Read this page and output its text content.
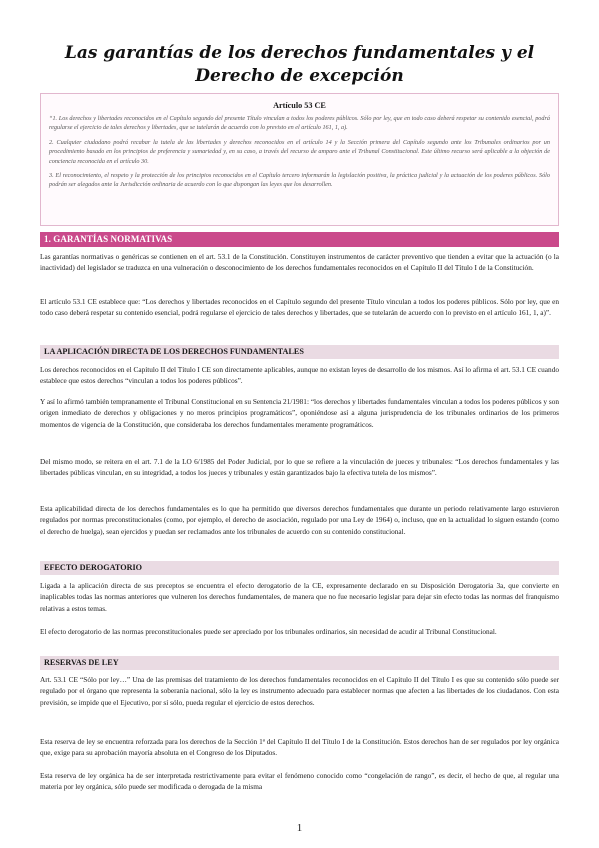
Las garantías de los derechos fundamentales y el Derecho de excepción
Artículo 53 CE

“1. Los derechos y libertades reconocidos en el Capítulo segundo del presente Título vinculan a todos los poderes públicos. Sólo por ley, que en todo caso deberá respetar su contenido esencial, podrá regularse el ejercicio de tales derechos y libertades, que se tutelarán de acuerdo con lo previsto en el artículo 161, 1, a).

2. Cualquier ciudadano podrá recabar la tutela de las libertades y derechos reconocidos en el artículo 14 y la Sección primera del Capítulo segundo ante los Tribunales ordinarios por un procedimiento basado en los principios de preferencia y sumariedad y, en su caso, a través del recurso de amparo ante el Tribunal Constitucional. Este último recurso será aplicable a la objeción de conciencia reconocida en el artículo 30.

3. El reconocimiento, el respeto y la protección de los principios reconocidos en el Capítulo tercero informarán la legislación positiva, la práctica judicial y la actuación de los poderes públicos. Sólo podrán ser alegados ante la Jurisdicción ordinaria de acuerdo con lo que dispongan las leyes que los desarrollen.

1. GARANTÍAS NORMATIVAS

Las garantías normativas o genéricas se contienen en el art. 53.1 de la Constitución. Constituyen instrumentos de carácter preventivo que tienden a evitar que la actuación (o la inactividad) del legislador se traduzca en una vulneración o desconocimiento de los derechos fundamentales reconocidos en el Capítulo II del Título I de la Constitución.

El artículo 53.1 CE establece que: “Los derechos y libertades reconocidos en el Capítulo segundo del presente Título vinculan a todos los poderes públicos. Sólo por ley, que en todo caso deberá respetar su contenido esencial, podrá regularse el ejercicio de tales derechos y libertades, que se tutelarán de acuerdo con lo previsto en el artículo 161, 1, a)”.

LA APLICACIÓN DIRECTA DE LOS DERECHOS FUNDAMENTALES

Los derechos reconocidos en el Capítulo II del Título I CE son directamente aplicables, aunque no existan leyes de desarrollo de los mismos. Así lo afirma el art. 53.1 CE cuando establece que estos derechos “vinculan a todos los poderes públicos”.

Y así lo afirmó también tempranamente el Tribunal Constitucional en su Sentencia 21/1981: “los derechos y libertades fundamentales vinculan a todos los poderes públicos y son origen inmediato de derechos y obligaciones y no meros principios programáticos”, oponiéndose así a alguna jurisprudencia de los tribunales ordinarios de los primeros momentos de vigencia de la Constitución, que consideraba los derechos fundamentales meramente programáticos.

Del mismo modo, se reitera en el art. 7.1 de la LO 6/1985 del Poder Judicial, por lo que se refiere a la vinculación de jueces y tribunales: “Los derechos fundamentales y las libertades públicas vinculan, en su integridad, a todos los jueces y tribunales y están garantizados bajo la efectiva tutela de los mismos”.

Esta aplicabilidad directa de los derechos fundamentales es lo que ha permitido que diversos derechos fundamentales que durante un periodo relativamente largo estuvieron regulados por normas preconstitucionales (como, por ejemplo, el derecho de asociación, regulado por una Ley de 1964) o, incluso, que en la actualidad lo siguen estando (como el derecho de huelga), sean ejercidos y puedan ser reclamados ante los tribunales de acuerdo con su contenido constitucional.

EFECTO DEROGATORIO

Ligada a la aplicación directa de sus preceptos se encuentra el efecto derogatorio de la CE, expresamente declarado en su Disposición Derogatoria 3a, que convierte en inaplicables todas las normas anteriores que vulneren los derechos fundamentales, de manera que no fue necesario legislar para dejar sin efecto todas las normas del franquismo relativas a estos temas.

El efecto derogatorio de las normas preconstitucionales puede ser apreciado por los tribunales ordinarios, sin necesidad de acudir al Tribunal Constitucional.

RESERVAS DE LEY

Art. 53.1 CE “Sólo por ley…” Una de las premisas del tratamiento de los derechos fundamentales reconocidos en el Capítulo II del Título I es que su contenido sólo puede ser regulado por el órgano que representa la soberanía nacional, sólo la ley es instrumento adecuado para establecer normas que afecten a las libertades de los ciudadanos. Con esta previsión, se impide que el Ejecutivo, por sí sólo, pueda regular el ejercicio de estos derechos.

Esta reserva de ley se encuentra reforzada para los derechos de la Sección 1ª del Capítulo II del Título I de la Constitución. Estos derechos han de ser regulados por ley orgánica que, exige para su aprobación mayoría absoluta en el Congreso de los Diputados.

Esta reserva de ley orgánica ha de ser interpretada restrictivamente para evitar el fenómeno conocido como “congelación de rango”, es decir, el hecho de que, al regular una materia por ley orgánica, sólo puede ser modificada o derogada de la misma

1
